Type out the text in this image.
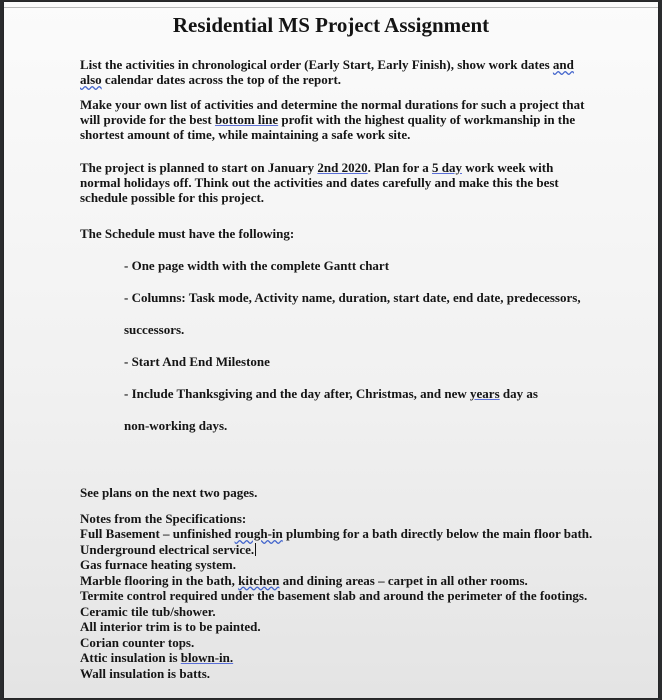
Residential MS Project Assignment

List the activities in chronological order (Early Start, Early Finish), show work dates and

also calendar dates across the top of the report.

Make your own list of activities and determine the normal durations for such a project that

will provide for the best bottom line profit with the highest quality of workmanship in the

shortest amount of time, while maintaining a safe work site.

The project is planned to start on January 2nd 2020. Plan for a 5 day work week with

normal holidays off. Think out the activities and dates carefully and make this the best

schedule possible for this project.

The Schedule must have the following:

- One page width with the complete Gantt chart

- Columns: Task mode, Activity name, duration, start date, end date, predecessors,

successors.

- Start And End Milestone

- Include Thanksgiving and the day after, Christmas, and new years day as

non-working days.

See plans on the next two pages.

Notes from the Specifications:

Full Basement – unfinished rough-in plumbing for a bath directly below the main floor bath.

Underground electrical service.

Gas furnace heating system.

Marble flooring in the bath, kitchen and dining areas – carpet in all other rooms.

Termite control required under the basement slab and around the perimeter of the footings.

Ceramic tile tub/shower.

All interior trim is to be painted.

Corian counter tops.

Attic insulation is blown-in.

Wall insulation is batts.
